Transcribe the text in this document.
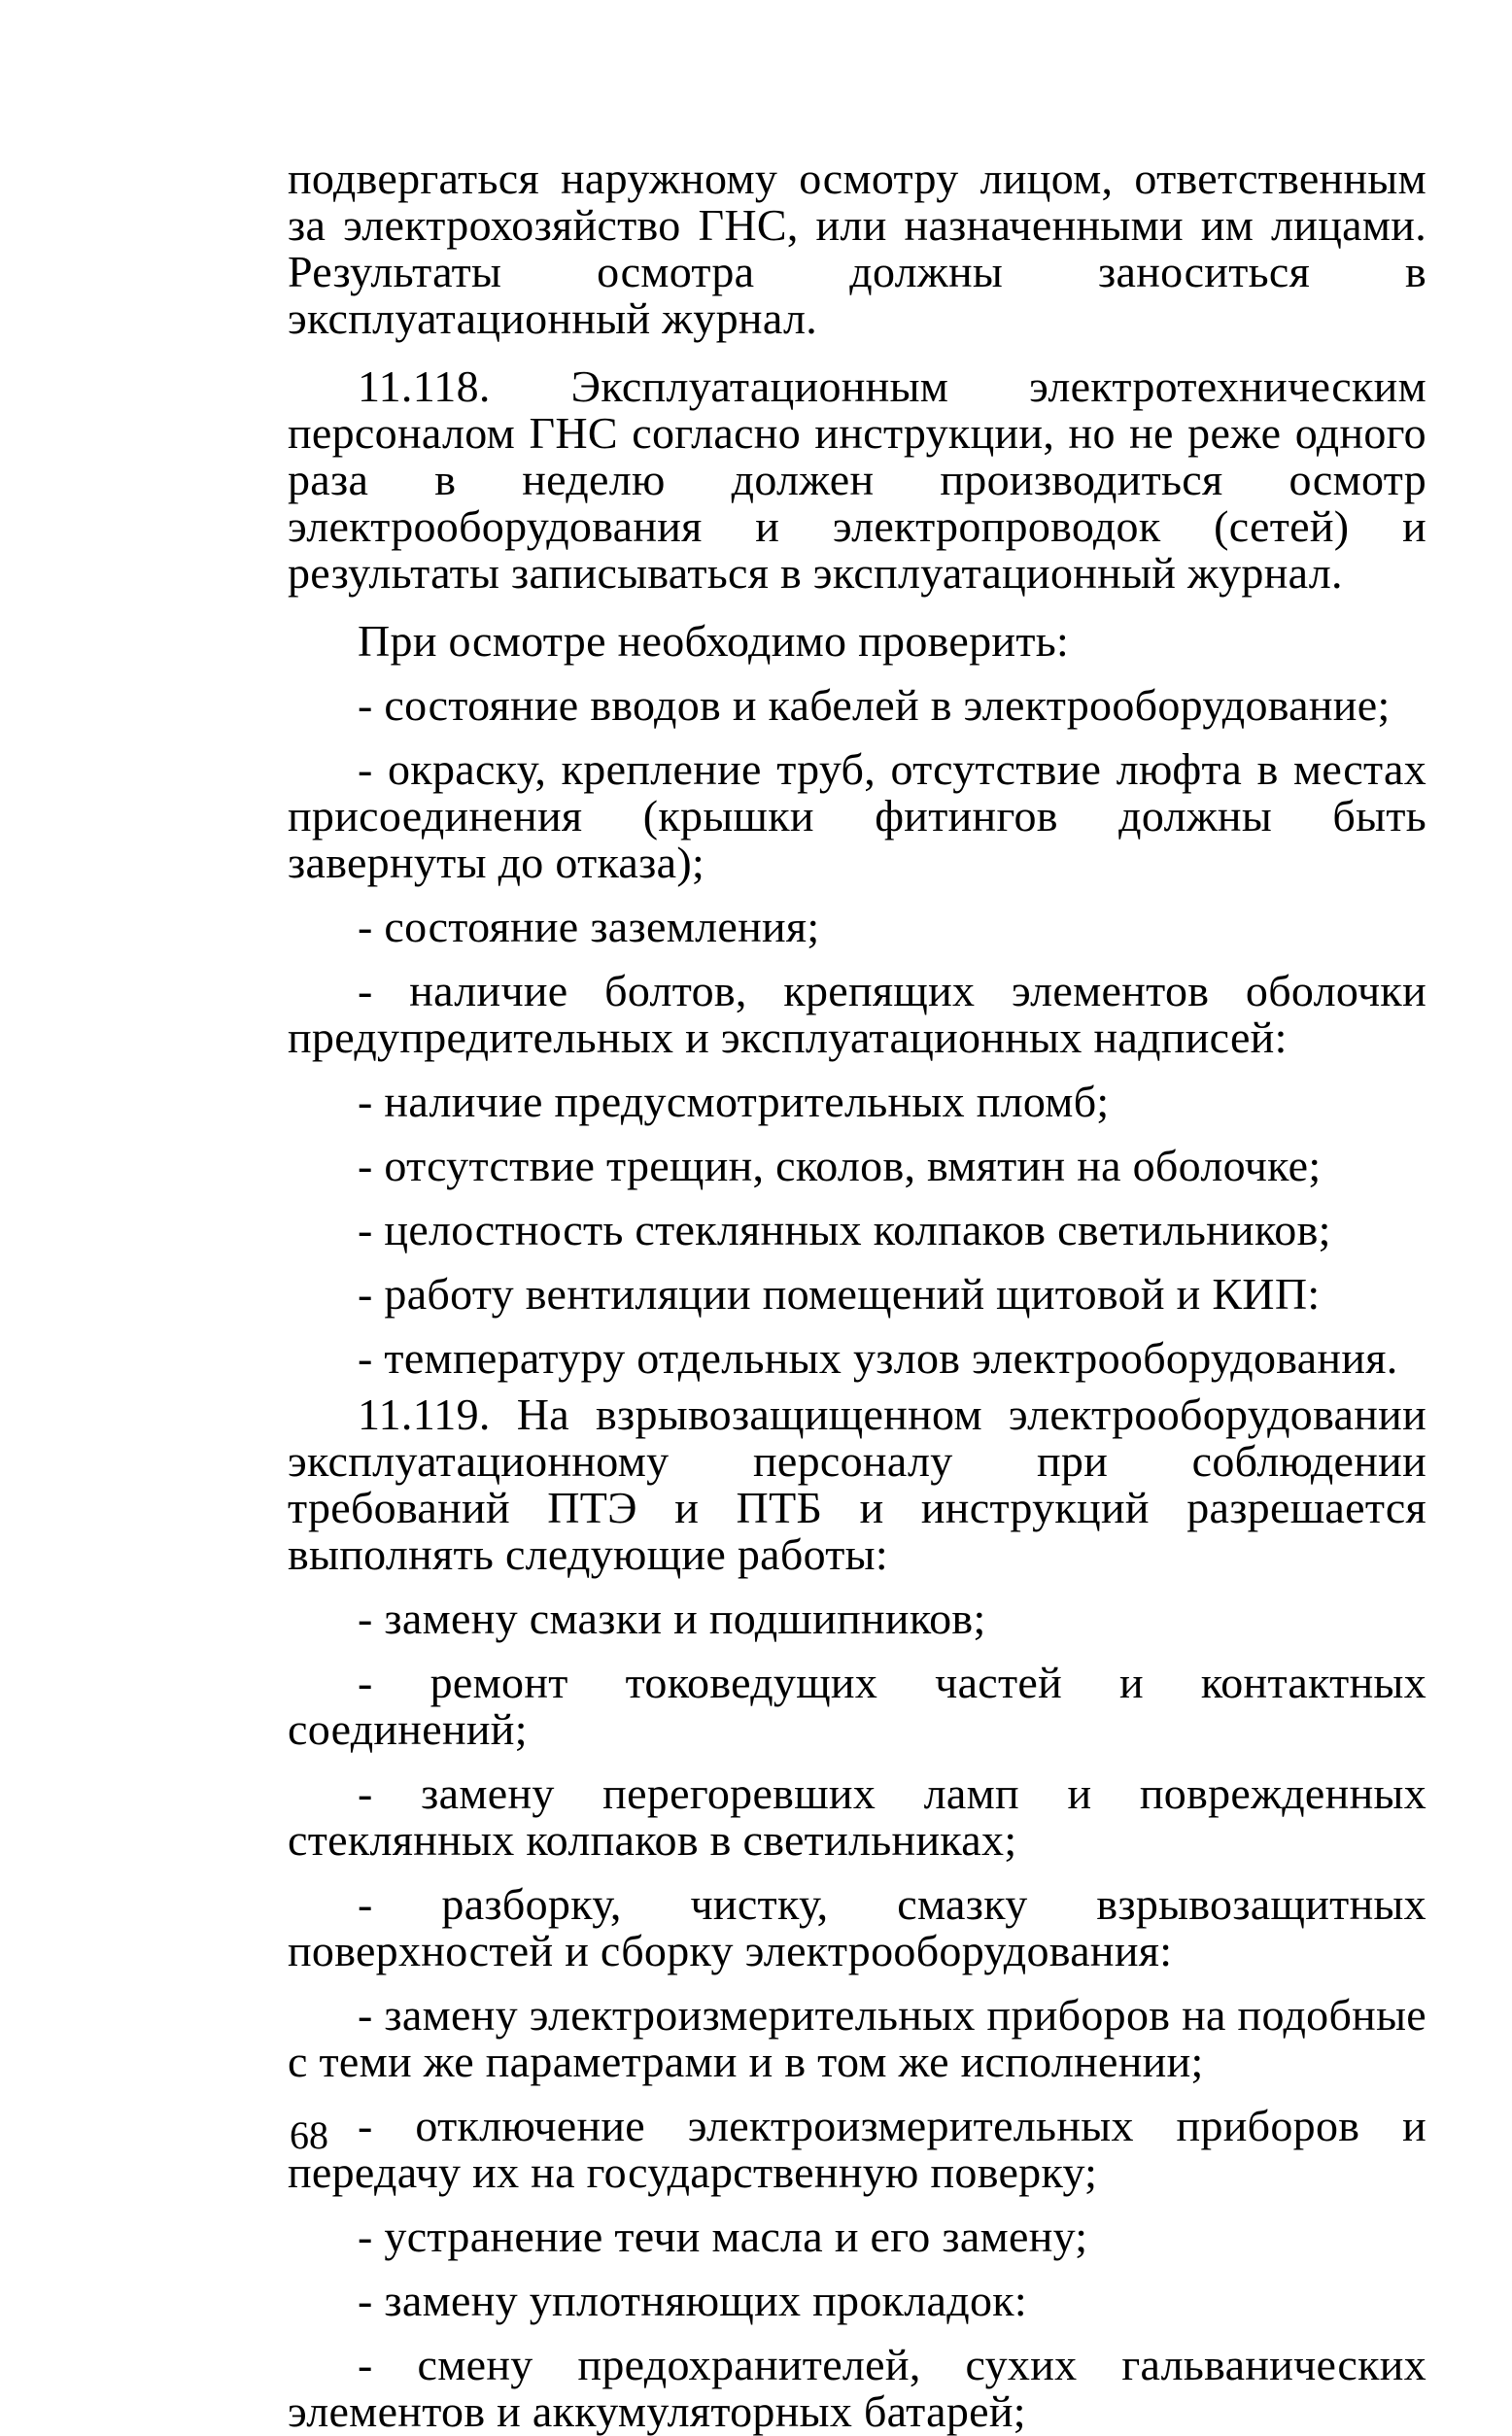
подвергаться наружному осмотру лицом, ответственным за электрохозяйство ГНС, или назначенными им лицами. Результаты осмотра должны заноситься в эксплуатационный журнал.

11.118. Эксплуатационным электротехническим персоналом ГНС согласно инструкции, но не реже одного раза в неделю должен производиться осмотр электрооборудования и электропроводок (сетей) и результаты записываться в эксплуатационный журнал.

При осмотре необходимо проверить:

- состояние вводов и кабелей в электрооборудование;

- окраску, крепление труб, отсутствие люфта в местах присоединения (крышки фитингов должны быть завернуты до отказа);

- состояние заземления;

- наличие болтов, крепящих элементов оболочки предупредительных и эксплуатационных надписей:

- наличие предусмотрительных пломб;

- отсутствие трещин, сколов, вмятин на оболочке;

- целостность стеклянных колпаков светильников;

- работу вентиляции помещений щитовой и КИП:

- температуру отдельных узлов электрооборудования.

11.119. На взрывозащищенном электрооборудовании эксплуатационному персоналу при соблюдении требований ПТЭ и ПТБ и инструкций разрешается выполнять следующие работы:

- замену смазки и подшипников;

- ремонт токоведущих частей и контактных соединений;

- замену перегоревших ламп и поврежденных стеклянных колпаков в светильниках;

- разборку, чистку, смазку взрывозащитных поверхностей и сборку электрооборудования:

- замену электроизмерительных приборов на подобные с теми же параметрами и в том же исполнении;

- отключение электроизмерительных приборов и передачу их на государственную поверку;

- устранение течи масла и его замену;

- замену уплотняющих прокладок:

- смену предохранителей, сухих гальванических элементов и аккумуляторных батарей;

68
